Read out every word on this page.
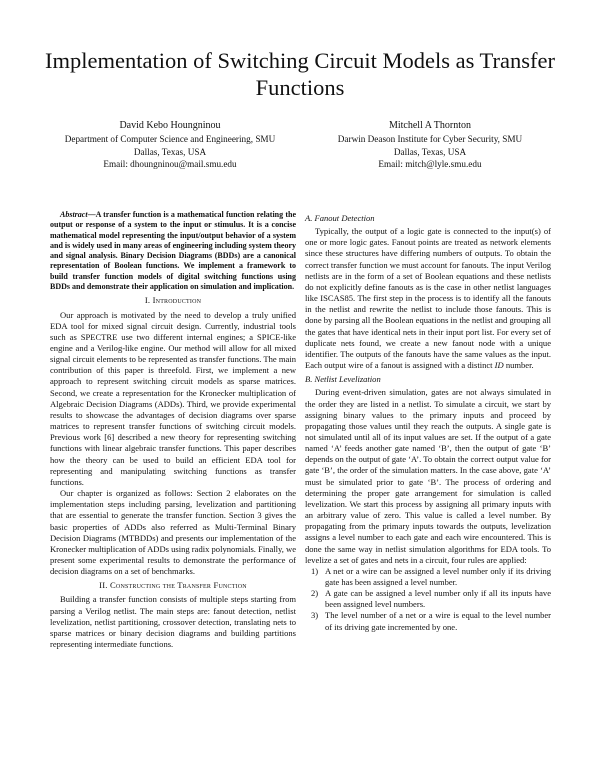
Implementation of Switching Circuit Models as Transfer Functions
David Kebo Houngninou
Department of Computer Science and Engineering, SMU
Dallas, Texas, USA
Email: dhoungninou@mail.smu.edu
Mitchell A Thornton
Darwin Deason Institute for Cyber Security, SMU
Dallas, Texas, USA
Email: mitch@lyle.smu.edu

Abstract—A transfer function is a mathematical function relating the output or response of a system to the input or stimulus. It is a concise mathematical model representing the input/output behavior of a system and is widely used in many areas of engineering including system theory and signal analysis. Binary Decision Diagrams (BDDs) are a canonical representation of Boolean functions. We implement a framework to build transfer function models of digital switching functions using BDDs and demonstrate their application on simulation and implication.

I. Introduction

Our approach is motivated by the need to develop a truly unified EDA tool for mixed signal circuit design. Currently, industrial tools such as SPECTRE use two different internal engines; a SPICE-like engine and a Verilog-like engine. Our method will allow for all mixed signal circuit elements to be represented as transfer functions. The main contribution of this paper is threefold. First, we implement a new approach to represent switching circuit models as sparse matrices. Second, we create a representation for the Kronecker multiplication of Algebraic Decision Diagrams (ADDs). Third, we provide experimental results to showcase the advantages of decision diagrams over sparse matrices to represent transfer functions of switching circuit models. Previous work [6] described a new theory for representing switching functions with linear algebraic transfer functions. This paper describes how the theory can be used to build an efficient EDA tool for representing and manipulating switching functions as transfer functions.

Our chapter is organized as follows: Section 2 elaborates on the implementation steps including parsing, levelization and partitioning that are essential to generate the transfer function. Section 3 gives the basic properties of ADDs also referred as Multi-Terminal Binary Decision Diagrams (MTBDDs) and presents our implementation of the Kronecker multiplication of ADDs using radix polynomials. Finally, we present some experimental results to demonstrate the performance of decision diagrams on a set of benchmarks.

II. Constructing the Transfer Function

Building a transfer function consists of multiple steps starting from parsing a Verilog netlist. The main steps are: fanout detection, netlist levelization, netlist partitioning, crossover detection, translating nets to sparse matrices or binary decision diagrams and building partitions representing intermediate functions.

A. Fanout Detection

Typically, the output of a logic gate is connected to the input(s) of one or more logic gates. Fanout points are treated as network elements since these structures have differing numbers of outputs. To obtain the correct transfer function we must account for fanouts. The input Verilog netlists are in the form of a set of Boolean equations and these netlists do not explicitly define fanouts as is the case in other netlist languages like ISCAS85. The first step in the process is to identify all the fanouts in the netlist and rewrite the netlist to include those fanouts. This is done by parsing all the Boolean equations in the netlist and grouping all the gates that have identical nets in their input port list. For every set of duplicate nets found, we create a new fanout node with a unique identifier. The outputs of the fanouts have the same values as the input. Each output wire of a fanout is assigned with a distinct ID number.

B. Netlist Levelization

During event-driven simulation, gates are not always simulated in the order they are listed in a netlist. To simulate a circuit, we start by assigning binary values to the primary inputs and proceed by propagating those values until they reach the outputs. A single gate is not simulated until all of its input values are set. If the output of a gate named ‘A’ feeds another gate named ‘B’, then the output of gate ‘B’ depends on the output of gate ‘A’. To obtain the correct output value for gate ‘B’, the order of the simulation matters. In the case above, gate ‘A’ must be simulated prior to gate ‘B’. The process of ordering and determining the proper gate arrangement for simulation is called levelization. We start this process by assigning all primary inputs with an arbitrary value of zero. This value is called a level number. By propagating from the primary inputs towards the outputs, levelization assigns a level number to each gate and each wire encountered. This is done the same way in netlist simulation algorithms for EDA tools. To levelize a set of gates and nets in a circuit, four rules are applied:

1) A net or a wire can be assigned a level number only if its driving gate has been assigned a level number.
2) A gate can be assigned a level number only if all its inputs have been assigned level numbers.
3) The level number of a net or a wire is equal to the level number of its driving gate incremented by one.
